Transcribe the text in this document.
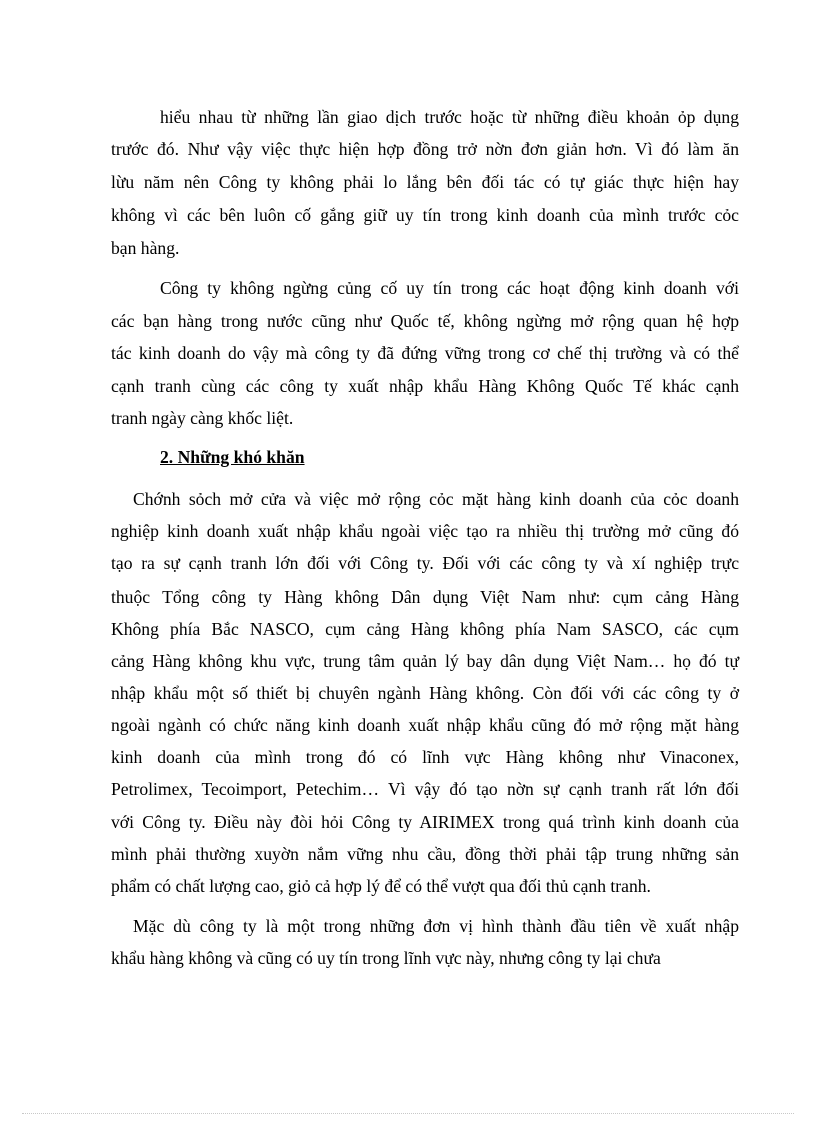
hiểu nhau từ những lần giao dịch trước hoặc từ những điều khoản ỏp dụng
trước đó. Như vậy việc thực hiện hợp đồng trở nờn đơn giản hơn. Vì đó làm ăn
lừu năm nên Công ty không phải lo lắng bên đối tác có tự giác thực hiện hay
không vì các bên luôn cố gắng giữ uy tín trong kinh doanh của mình trước cỏc
bạn hàng.
Công ty không ngừng củng cố uy tín trong các hoạt động kinh doanh với
các bạn hàng trong nước cũng như Quốc tế, không ngừng mở rộng quan hệ hợp
tác kinh doanh do vậy mà công ty đã đứng vững trong cơ chế thị trường và có thể
cạnh tranh cùng các công ty xuất nhập khẩu Hàng Không Quốc Tế khác cạnh
tranh ngày càng khốc liệt.
2. Những khó khăn
Chớnh sỏch mở cửa và việc mở rộng cỏc mặt hàng kinh doanh của cỏc doanh
nghiệp kinh doanh xuất nhập khẩu ngoài việc tạo ra nhiều thị trường mở cũng đó
tạo ra sự cạnh tranh lớn đối với Công ty. Đối với các công ty và xí nghiệp trực
thuộc Tổng công ty Hàng không Dân dụng Việt Nam như: cụm cảng Hàng
Không phía Bắc NASCO, cụm cảng Hàng không phía Nam SASCO, các cụm
cảng Hàng không khu vực, trung tâm quản lý bay dân dụng Việt Nam… họ đó tự
nhập khẩu một số thiết bị chuyên ngành Hàng không. Còn đối với các công ty ở
ngoài ngành có chức năng kinh doanh xuất nhập khẩu cũng đó mở rộng mặt hàng
kinh doanh của mình trong đó có lĩnh vực Hàng không như Vinaconex,
Petrolimex, Tecoimport, Petechim… Vì vậy đó tạo nờn sự cạnh tranh rất lớn đối
với Công ty. Điều này đòi hỏi Công ty AIRIMEX trong quá trình kinh doanh của
mình phải thường xuyờn nắm vững nhu cầu, đồng thời phải tập trung những sản
phẩm có chất lượng cao, giỏ cả hợp lý để có thể vượt qua đối thủ cạnh tranh.
Mặc dù công ty là một trong những đơn vị hình thành đầu tiên về xuất nhập
khẩu hàng không và cũng có uy tín trong lĩnh vực này, nhưng công ty lại chưa
